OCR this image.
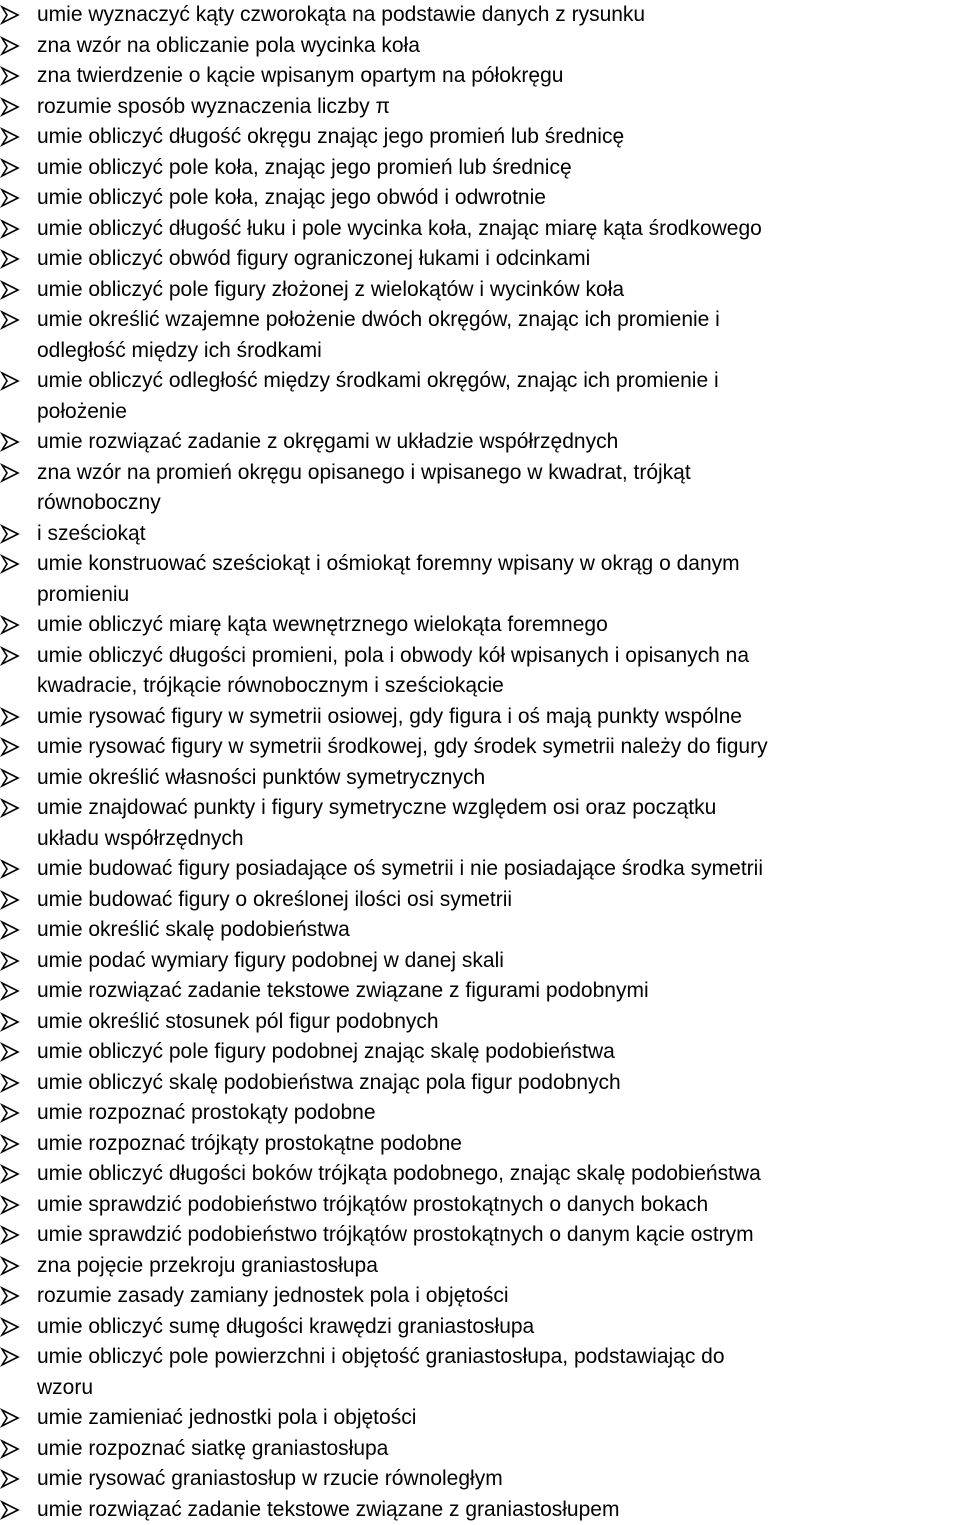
umie wyznaczyć kąty czworokąta na podstawie danych z rysunku
zna wzór na obliczanie pola wycinka koła
zna twierdzenie o kącie wpisanym opartym na półokręgu
rozumie sposób wyznaczenia liczby π
umie obliczyć długość okręgu znając jego promień lub średnicę
umie obliczyć pole koła, znając jego promień lub średnicę
umie obliczyć pole koła, znając jego obwód i odwrotnie
umie obliczyć długość łuku i pole wycinka koła, znając miarę kąta środkowego
umie obliczyć obwód figury ograniczonej łukami i odcinkami
umie obliczyć pole figury złożonej z wielokątów i wycinków koła
umie określić wzajemne położenie dwóch okręgów, znając ich promienie i
odległość między ich środkami
umie obliczyć odległość między środkami okręgów, znając ich promienie i
położenie
umie rozwiązać zadanie z okręgami w układzie współrzędnych
zna wzór na promień okręgu opisanego i wpisanego w kwadrat, trójkąt
równoboczny
i sześciokąt
umie konstruować sześciokąt i ośmiokąt foremny wpisany w okrąg o danym
promieniu
umie obliczyć miarę kąta wewnętrznego wielokąta foremnego
umie obliczyć długości promieni, pola i obwody kół wpisanych i opisanych na
kwadracie, trójkącie równobocznym i sześciokącie
umie rysować figury w symetrii osiowej, gdy figura i oś mają punkty wspólne
umie rysować figury w symetrii środkowej, gdy środek symetrii należy do figury
umie określić własności punktów symetrycznych
umie znajdować punkty i figury symetryczne względem osi oraz początku
układu współrzędnych
umie budować figury posiadające oś symetrii i nie posiadające środka symetrii
umie budować figury o określonej ilości osi symetrii
umie określić skalę podobieństwa
umie podać wymiary figury podobnej w danej skali
umie rozwiązać zadanie tekstowe związane z figurami podobnymi
umie określić stosunek pól figur podobnych
umie obliczyć pole figury podobnej znając skalę podobieństwa
umie obliczyć skalę podobieństwa znając pola figur podobnych
umie rozpoznać prostokąty podobne
umie rozpoznać trójkąty prostokątne podobne
umie obliczyć długości boków trójkąta podobnego, znając skalę podobieństwa
umie sprawdzić podobieństwo trójkątów prostokątnych o danych bokach
umie sprawdzić podobieństwo trójkątów prostokątnych o danym kącie ostrym
zna pojęcie przekroju graniastosłupa
rozumie zasady zamiany jednostek pola i objętości
umie obliczyć sumę długości krawędzi graniastosłupa
umie obliczyć pole powierzchni i objętość graniastosłupa, podstawiając do
wzoru
umie zamieniać jednostki pola i objętości
umie rozpoznać siatkę graniastosłupa
umie rysować graniastosłup w rzucie równoległym
umie rozwiązać zadanie tekstowe związane z graniastosłupem
